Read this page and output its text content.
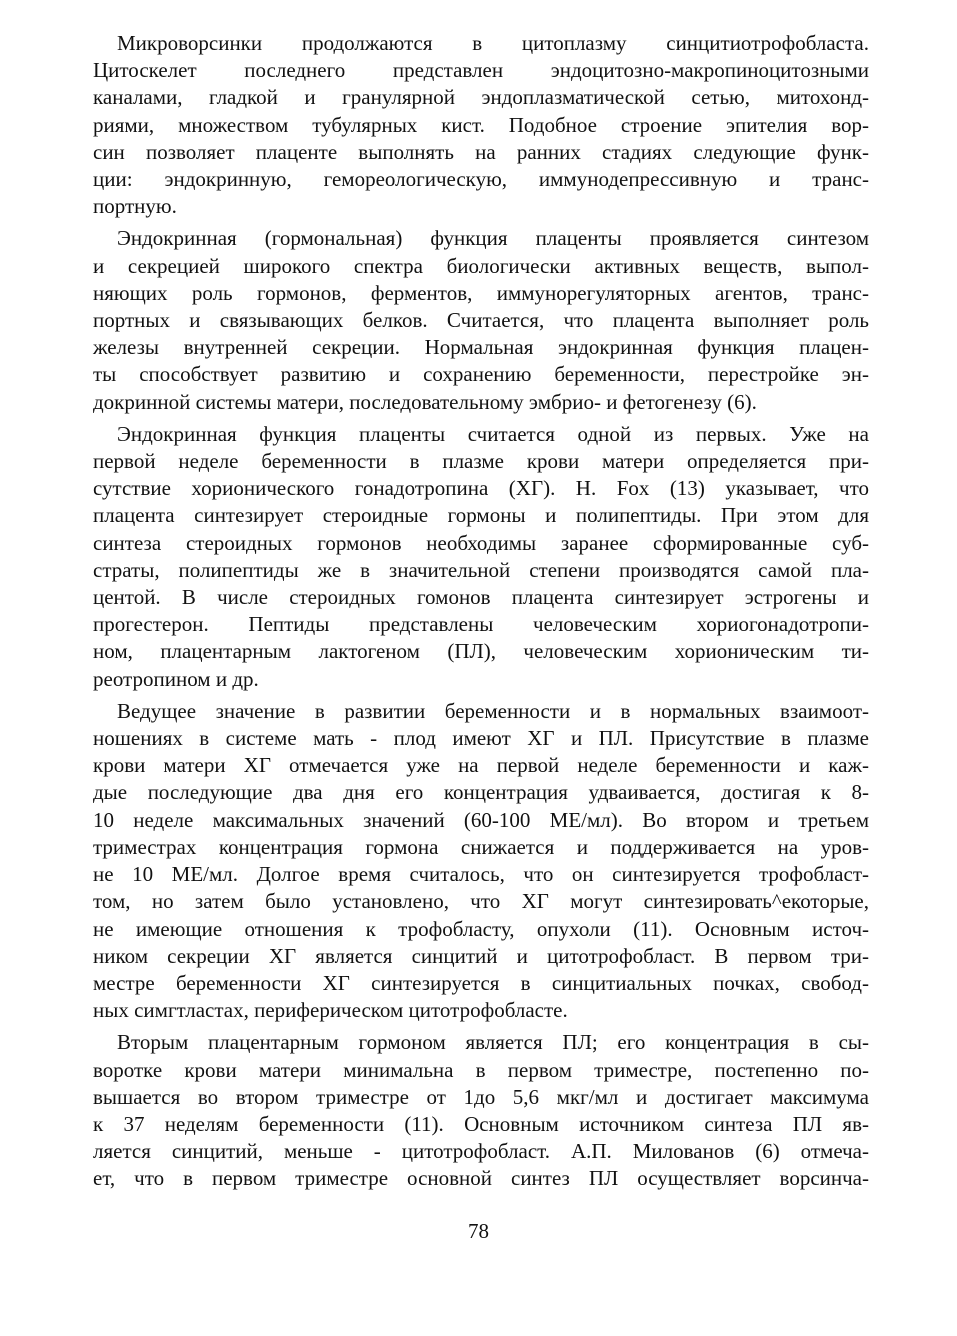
Микроворсинки продолжаются в цитоплазму синцитиотрофобласта.
Цитоскелет последнего представлен эндоцитозно-макропиноцитозными
каналами, гладкой и гранулярной эндоплазматической сетью, митохонд-
риями, множеством тубулярных кист. Подобное строение эпителия вор-
син позволяет плаценте выполнять на ранних стадиях следующие функ-
ции: эндокринную, гемореологическую, иммунодепрессивную и транс-
портную.
Эндокринная (гормональная) функция плаценты проявляется синтезом
и секрецией широкого спектра биологически активных веществ, выпол-
няющих роль гормонов, ферментов, иммунорегуляторных агентов, транс-
портных и связывающих белков. Считается, что плацента выполняет роль
железы внутренней секреции. Нормальная эндокринная функция плацен-
ты способствует развитию и сохранению беременности, перестройке эн-
докринной системы матери, последовательному эмбрио- и фетогенезу (6).
Эндокринная функция плаценты считается одной из первых. Уже на
первой неделе беременности в плазме крови матери определяется при-
сутствие хорионического гонадотропина (ХГ). H. Fox (13) указывает, что
плацента синтезирует стероидные гормоны и полипептиды. При этом для
синтеза стероидных гормонов необходимы заранее сформированные суб-
страты, полипептиды же в значительной степени производятся самой пла-
центой. В числе стероидных гомонов плацента синтезирует эстрогены и
прогестерон. Пептиды представлены человеческим хориогонадотропи-
ном, плацентарным лактогеном (ПЛ), человеческим хорионическим ти-
реотропином и др.
Ведущее значение в развитии беременности и в нормальных взаимоот-
ношениях в системе мать - плод имеют ХГ и ПЛ. Присутствие в плазме
крови матери ХГ отмечается уже на первой неделе беременности и каж-
дые последующие два дня его концентрация удваивается, достигая к 8-
10 неделе максимальных значений (60-100 МЕ/мл). Во втором и третьем
триместрах концентрация гормона снижается и поддерживается на уров-
не 10 МЕ/мл. Долгое время считалось, что он синтезируется трофобласт-
том, но затем было установлено, что ХГ могут синтезировать^екоторые,
не имеющие отношения к трофобласту, опухоли (11). Основным источ-
ником секреции ХГ является синцитий и цитотрофобласт. В первом три-
местре беременности ХГ синтезируется в синцитиальных почках, свобод-
ных симгтластах, периферическом цитотрофобласте.
Вторым плацентарным гормоном является ПЛ; его концентрация в сы-
воротке крови матери минимальна в первом триместре, постепенно по-
вышается во втором триместре от 1до 5,6 мкг/мл и достигает максимума
к 37 неделям беременности (11). Основным источником синтеза ПЛ яв-
ляется синцитий, меньше - цитотрофобласт. А.П. Милованов (6) отмеча-
ет, что в первом триместре основной синтез ПЛ осуществляет ворсинча-
78
